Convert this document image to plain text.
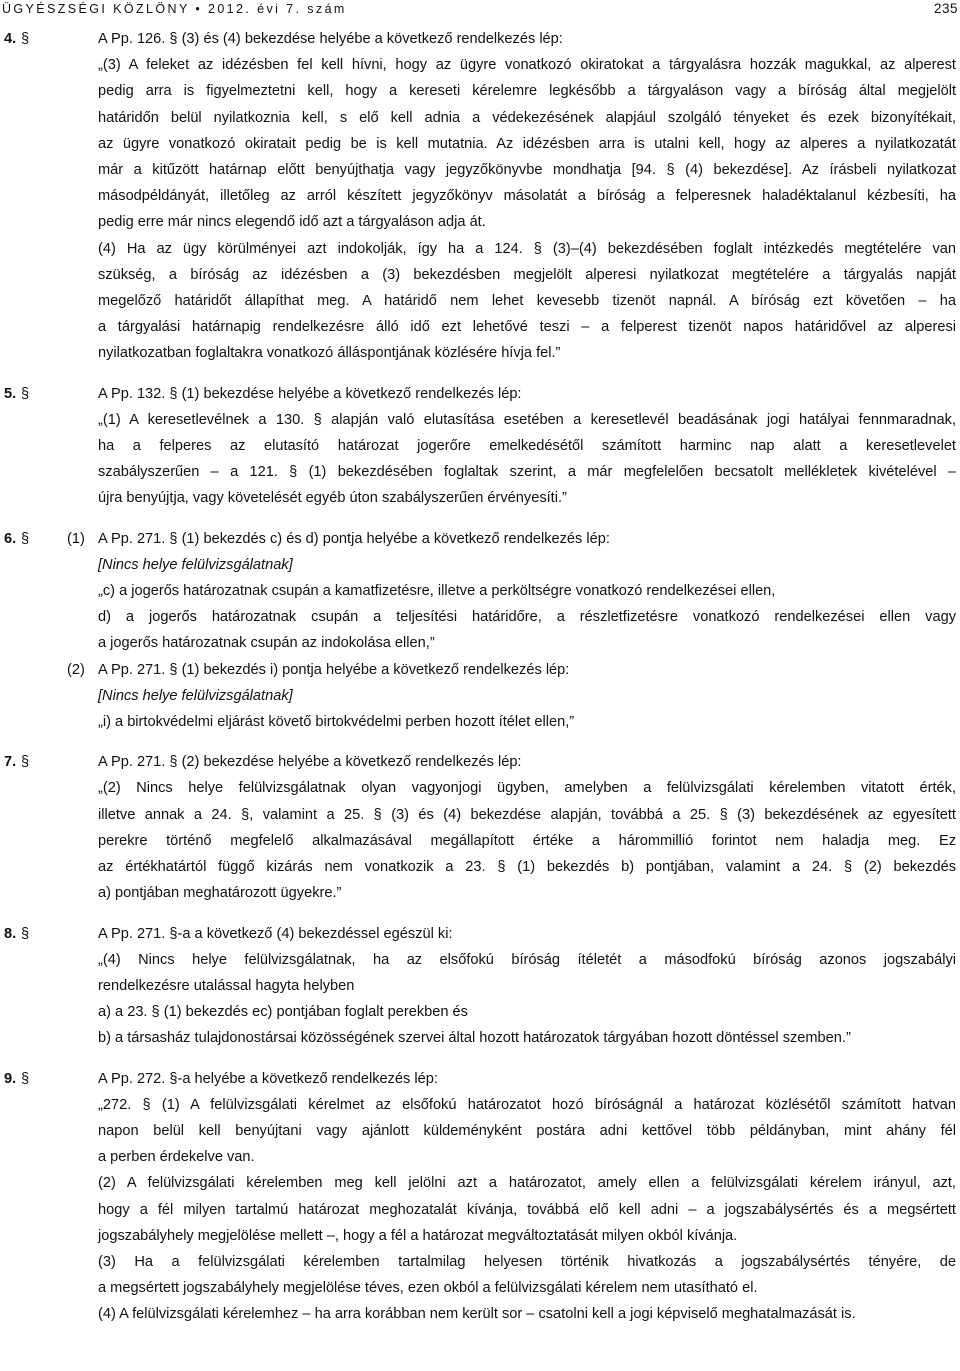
ÜGYÉSZSÉGI KÖZLÖNY • 2012. évi 7. szám	235
4. §	A Pp. 126. § (3) és (4) bekezdése helyébe a következő rendelkezés lép:
„(3) A feleket az idézésben fel kell hívni, hogy az ügyre vonatkozó okiratokat a tárgyalásra hozzák magukkal, az alperest
pedig arra is figyelmeztetni kell, hogy a kereseti kérelemre legkésőbb a tárgyaláson vagy a bíróság által megjelölt
határidőn belül nyilatkoznia kell, s elő kell adnia a védekezésének alapjául szolgáló tényeket és ezek bizonyítékait,
az ügyre vonatkozó okiratait pedig be is kell mutatnia. Az idézésben arra is utalni kell, hogy az alperes a nyilatkozatát
már a kitűzött határnap előtt benyújthatja vagy jegyzőkönyvbe mondhatja [94. § (4) bekezdése]. Az írásbeli nyilatkozat
másodpéldányát, illetőleg az arról készített jegyzőkönyv másolatát a bíróság a felperesnek haladéktalanul kézbesíti, ha
pedig erre már nincs elegendő idő azt a tárgyaláson adja át.
(4) Ha az ügy körülményei azt indokolják, így ha a 124. § (3)–(4) bekezdésében foglalt intézkedés megtételére van
szükség, a bíróság az idézésben a (3) bekezdésben megjelölt alperesi nyilatkozat megtételére a tárgyalás napját
megelőző határidőt állapíthat meg. A határidő nem lehet kevesebb tizenöt napnál. A bíróság ezt követően – ha
a tárgyalási határnapig rendelkezésre álló idő ezt lehetővé teszi – a felperest tizenöt napos határidővel az alperesi
nyilatkozatban foglaltakra vonatkozó álláspontjának közlésére hívja fel.”
5. §	A Pp. 132. § (1) bekezdése helyébe a következő rendelkezés lép:
„(1) A keresetlevélnek a 130. § alapján való elutasítása esetében a keresetlevél beadásának jogi hatályai fennmaradnak,
ha a felperes az elutasító határozat jogerőre emelkedésétől számított harminc nap alatt a keresetlevelet
szabályszerűen – a 121. § (1) bekezdésében foglaltak szerint, a már megfelelően becsatolt mellékletek kivételével –
újra benyújtja, vagy követelését egyéb úton szabályszerűen érvényesíti.”
6. §	(1) A Pp. 271. § (1) bekezdés c) és d) pontja helyébe a következő rendelkezés lép:
[Nincs helye felülvizsgálatnak]
„c) a jogerős határozatnak csupán a kamatfizetésre, illetve a perköltségre vonatkozó rendelkezései ellen,
d) a jogerős határozatnak csupán a teljesítési határidőre, a részletfizetésre vonatkozó rendelkezései ellen vagy
a jogerős határozatnak csupán az indokolása ellen,”
(2) A Pp. 271. § (1) bekezdés i) pontja helyébe a következő rendelkezés lép:
[Nincs helye felülvizsgálatnak]
„i) a birtokvédelmi eljárást követő birtokvédelmi perben hozott ítélet ellen,”
7. §	A Pp. 271. § (2) bekezdése helyébe a következő rendelkezés lép:
„(2) Nincs helye felülvizsgálatnak olyan vagyonjogi ügyben, amelyben a felülvizsgálati kérelemben vitatott érték,
illetve annak a 24. §, valamint a 25. § (3) és (4) bekezdése alapján, továbbá a 25. § (3) bekezdésének az egyesített
perekre történő megfelelő alkalmazásával megállapított értéke a hárommillió forintot nem haladja meg. Ez
az értékhatártól függő kizárás nem vonatkozik a 23. § (1) bekezdés b) pontjában, valamint a 24. § (2) bekezdés
a) pontjában meghatározott ügyekre.”
8. §	A Pp. 271. §-a a következő (4) bekezdéssel egészül ki:
„(4) Nincs helye felülvizsgálatnak, ha az elsőfokú bíróság ítéletét a másodfokú bíróság azonos jogszabályi
rendelkezésre utalással hagyta helyben
a) a 23. § (1) bekezdés ec) pontjában foglalt perekben és
b) a társasház tulajdonostársai közösségének szervei által hozott határozatok tárgyában hozott döntéssel szemben.”
9. §	A Pp. 272. §-a helyébe a következő rendelkezés lép:
„272. § (1) A felülvizsgálati kérelmet az elsőfokú határozatot hozó bíróságnál a határozat közlésétől számított hatvan
napon belül kell benyújtani vagy ajánlott küldeményként postára adni kettővel több példányban, mint ahány fél
a perben érdekelve van.
(2) A felülvizsgálati kérelemben meg kell jelölni azt a határozatot, amely ellen a felülvizsgálati kérelem irányul, azt,
hogy a fél milyen tartalmú határozat meghozatalát kívánja, továbbá elő kell adni – a jogszabálysértés és a megsértett
jogszabályhely megjelölése mellett –, hogy a fél a határozat megváltoztatását milyen okból kívánja.
(3) Ha a felülvizsgálati kérelemben tartalmilag helyesen történik hivatkozás a jogszabálysértés tényére, de
a megsértett jogszabályhely megjelölése téves, ezen okból a felülvizsgálati kérelem nem utasítható el.
(4) A felülvizsgálati kérelemhez – ha arra korábban nem került sor – csatolni kell a jogi képviselő meghatalmazását is.
